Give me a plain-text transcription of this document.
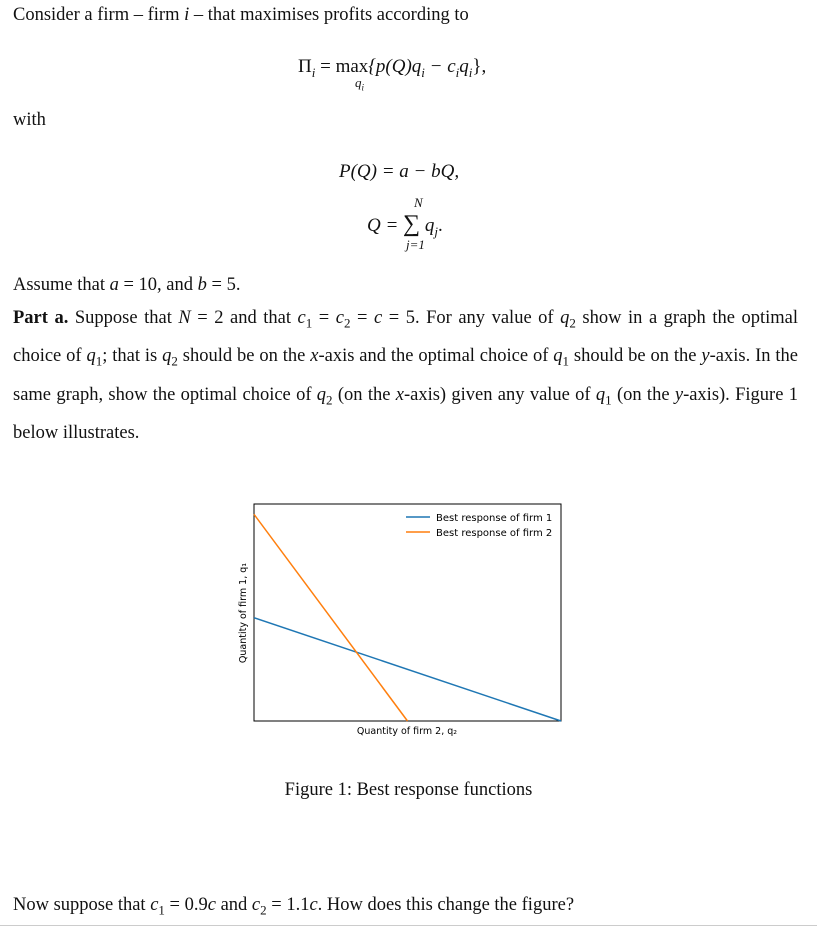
Consider a firm – firm i – that maximises profits according to
$\Pi_i = \max\{p(Q)q_i - c_iq_i\}$,
$q_i$
with
P(Q) = a − bQ,
Q = ∑ $q_j$.
N
j=1
Assume that a = 10, and b = 5.
Part a. Suppose that N = 2 and that $c_1 = c_2 = c = 5$. For any value of $q_2$ show in a graph the optimal choice of $q_1$; that is $q_2$ should be on the x-axis and the optimal choice of $q_1$ should be on the y-axis. In the same graph, show the optimal choice of $q_2$ (on the x-axis) given any value of $q_1$ (on the y-axis). Figure 1 below illustrates.
Best response of firm 1
Best response of firm 2
Quantity of firm 2, q₂
Quantity of firm 1, q₁
Figure 1: Best response functions
Now suppose that $c_1 = 0.9c$ and $c_2 = 1.1c$. How does this change the figure?
